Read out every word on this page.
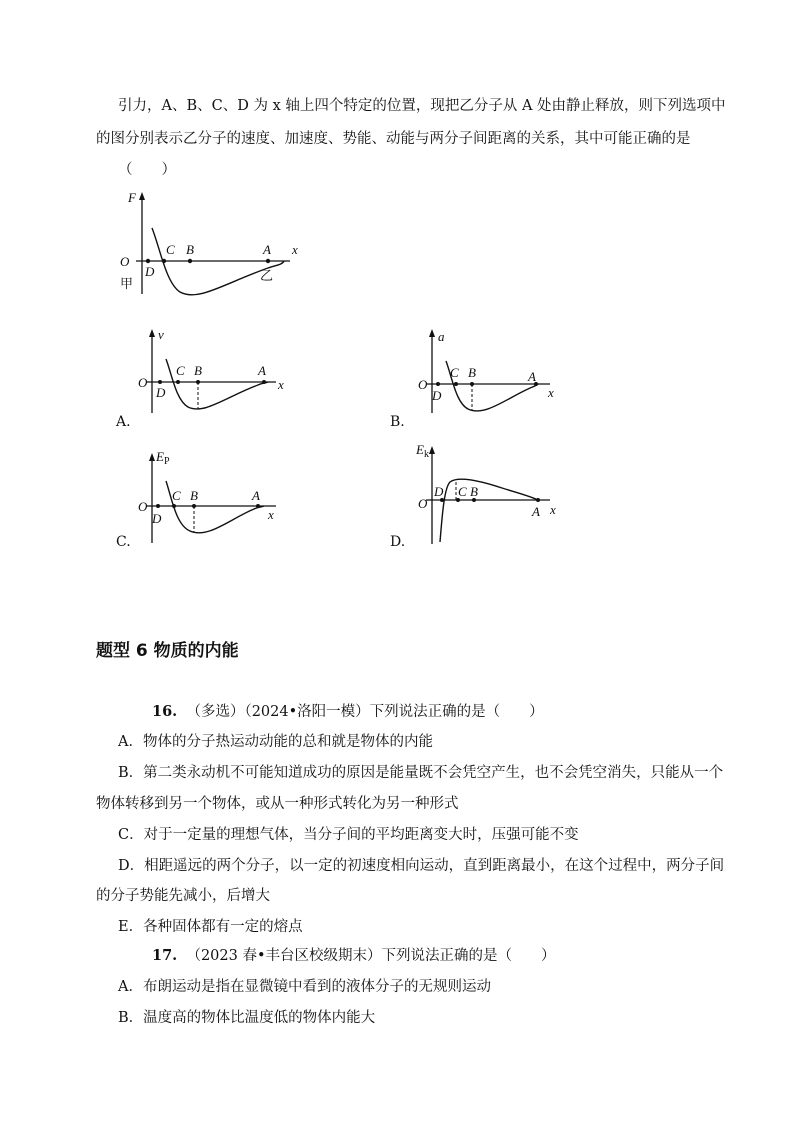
引力，A、B、C、D 为 x 轴上四个特定的位置，现把乙分子从 A 处由静止释放，则下列选项中
的图分别表示乙分子的速度、加速度、势能、动能与两分子间距离的关系，其中可能正确的是
（　　）
F
x
O
D
C B	A
甲
乙
v
x
O
D
C B	A
A.
a
x
O
D
C B	A
B.
$E_P$
x
O
D
C B	A
C.
$E_k$
x
O
D C B
A
D.
题型 6 物质的内能
16. （多选）（2024•洛阳一模）下列说法正确的是（　　）
A．物体的分子热运动动能的总和就是物体的内能
B．第二类永动机不可能知道成功的原因是能量既不会凭空产生，也不会凭空消失，只能从一个
物体转移到另一个物体，或从一种形式转化为另一种形式
C．对于一定量的理想气体，当分子间的平均距离变大时，压强可能不变
D．相距遥远的两个分子，以一定的初速度相向运动，直到距离最小，在这个过程中，两分子间
的分子势能先减小，后增大
E．各种固体都有一定的熔点
17. （2023 春•丰台区校级期末）下列说法正确的是（　　）
A．布朗运动是指在显微镜中看到的液体分子的无规则运动
B．温度高的物体比温度低的物体内能大
